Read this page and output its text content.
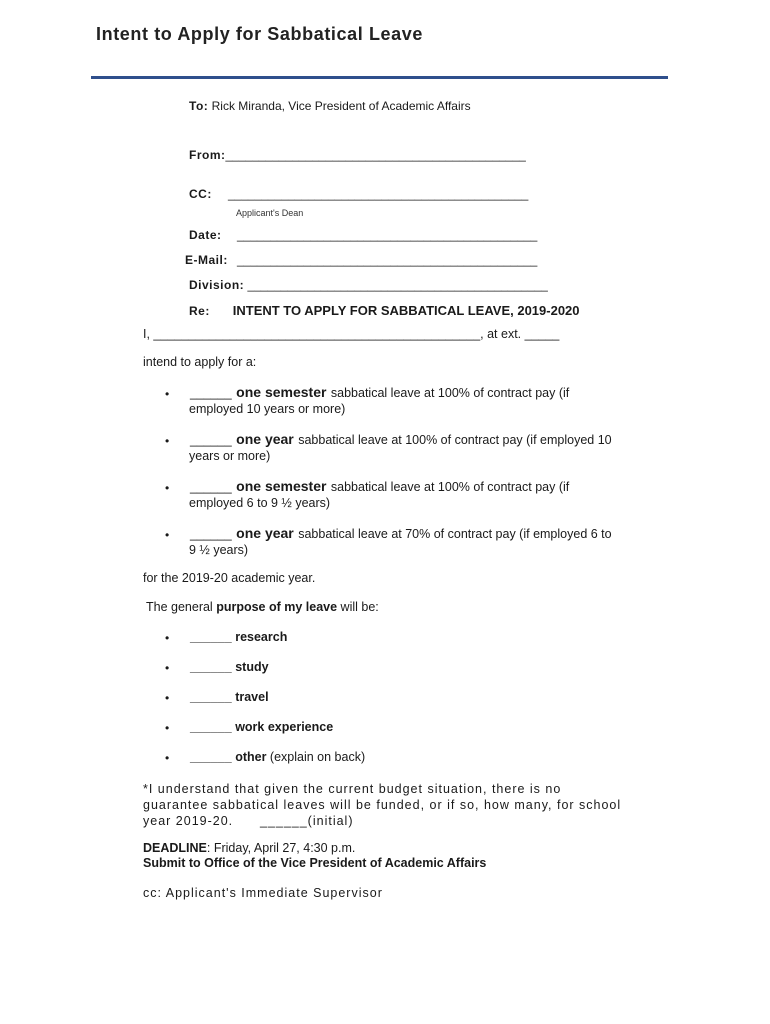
Intent to Apply for Sabbatical Leave
To: Rick Miranda, Vice President of Academic Affairs
From:_____________________________________________
CC: _____________________________________________
Applicant's Dean
Date: _____________________________________________
E-Mail: _____________________________________________
Division: _____________________________________________
Re: INTENT TO APPLY FOR SABBATICAL LEAVE, 2019-2020
I, _______________________________________________, at ext. _____
intend to apply for a:
• ______ one semester sabbatical leave at 100% of contract pay (if
employed 10 years or more)
• ______ one year sabbatical leave at 100% of contract pay (if employed 10
years or more)
• ______ one semester sabbatical leave at 100% of contract pay (if
employed 6 to 9 ½ years)
• ______ one year sabbatical leave at 70% of contract pay (if employed 6 to
9 ½ years)
for the 2019-20 academic year.
The general purpose of my leave will be:
• ______ research
• ______ study
• ______ travel
• ______ work experience
• ______ other (explain on back)
*I understand that given the current budget situation, there is no
guarantee sabbatical leaves will be funded, or if so, how many, for school
year 2019-20.      ______(initial)
DEADLINE: Friday, April 27, 4:30 p.m.
Submit to Office of the Vice President of Academic Affairs
cc: Applicant's Immediate Supervisor
